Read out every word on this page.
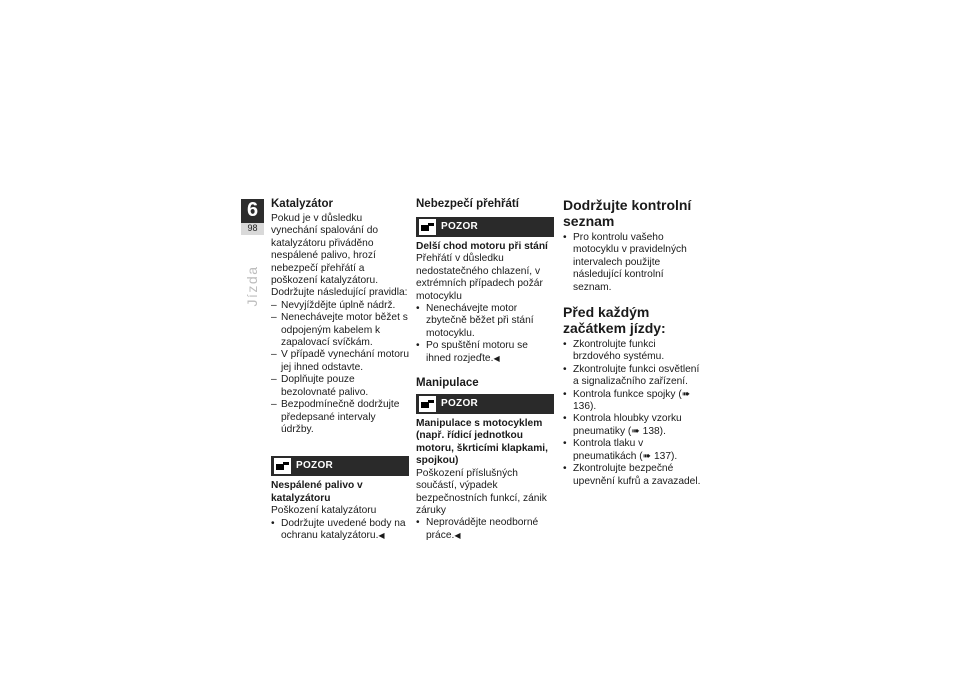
6
98
Jízda
Katalyzátor

Pokud je v důsledku vynechání spalování do katalyzátoru přiváděno nespálené palivo, hrozí nebezpečí přehřátí a poškození katalyzátoru.

Dodržujte následující pravidla:

– Nevyjíždějte úplně nádrž.

– Nenechávejte motor běžet s odpojeným kabelem k zapalovací svíčkám.

– V případě vynechání motoru jej ihned odstavte.

– Doplňujte pouze bezolovnaté palivo.

– Bezpodmínečně dodržujte předepsané intervaly údržby.

POZOR

Nespálené palivo v katalyzátoru

Poškození katalyzátoru

• Dodržujte uvedené body na ochranu katalyzátoru.◀

Nebezpečí přehřátí
POZOR

Delší chod motoru při stání

Přehřátí v důsledku nedostatečného chlazení, v extrémních případech požár motocyklu

• Nenechávejte motor zbytečně běžet při stání motocyklu.

• Po spuštění motoru se ihned rozjeďte.◀

Manipulace
POZOR

Manipulace s motocyklem (např. řídicí jednotkou motoru, škrticími klapkami, spojkou)

Poškození příslušných součástí, výpadek bezpečnostních funkcí, zánik záruky

• Neprovádějte neodborné práce.◀

Dodržujte kontrolní seznam

• Pro kontrolu vašeho motocyklu v pravidelných intervalech použijte následující kontrolní seznam.

Před každým začátkem jízdy:

• Zkontrolujte funkci brzdového systému.

• Zkontrolujte funkci osvětlení a signalizačního zařízení.

• Kontrola funkce spojky (➠ 136).

• Kontrola hloubky vzorku pneumatiky (➠ 138).

• Kontrola tlaku v pneumatikách (➠ 137).

• Zkontrolujte bezpečné upevnění kufrů a zavazadel.
